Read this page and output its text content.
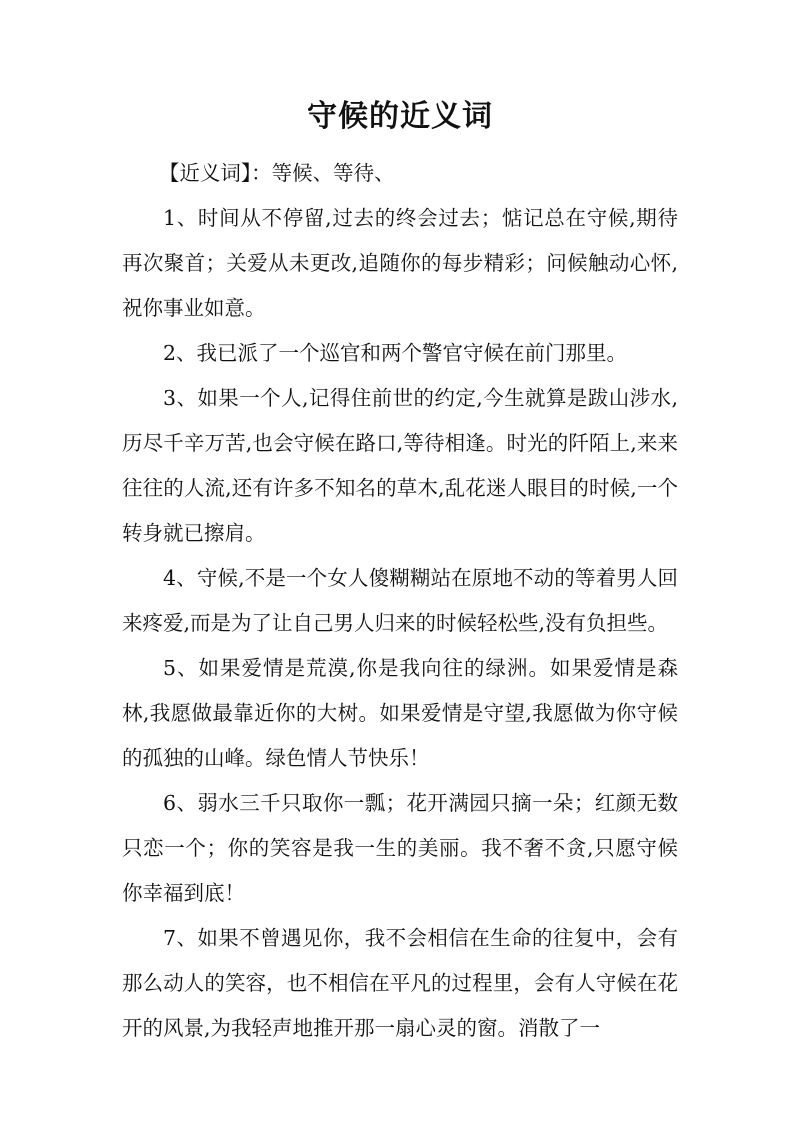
守候的近义词

【近义词】：等候、等待、

1、时间从不停留,过去的终会过去；惦记总在守候,期待再次聚首；关爱从未更改,追随你的每步精彩；问候触动心怀,祝你事业如意。

2、我已派了一个巡官和两个警官守候在前门那里。

3、如果一个人,记得住前世的约定,今生就算是跋山涉水,历尽千辛万苦,也会守候在路口,等待相逢。时光的阡陌上,来来往往的人流,还有许多不知名的草木,乱花迷人眼目的时候,一个转身就已擦肩。

4、守候,不是一个女人傻糊糊站在原地不动的等着男人回来疼爱,而是为了让自己男人归来的时候轻松些,没有负担些。

5、如果爱情是荒漠,你是我向往的绿洲。如果爱情是森林,我愿做最靠近你的大树。如果爱情是守望,我愿做为你守候的孤独的山峰。绿色情人节快乐！

6、弱水三千只取你一瓢；花开满园只摘一朵；红颜无数只恋一个；你的笑容是我一生的美丽。我不奢不贪,只愿守候你幸福到底！

7、如果不曾遇见你，我不会相信在生命的往复中，会有那么动人的笑容，也不相信在平凡的过程里，会有人守候在花开的风景,为我轻声地推开那一扇心灵的窗。消散了一
